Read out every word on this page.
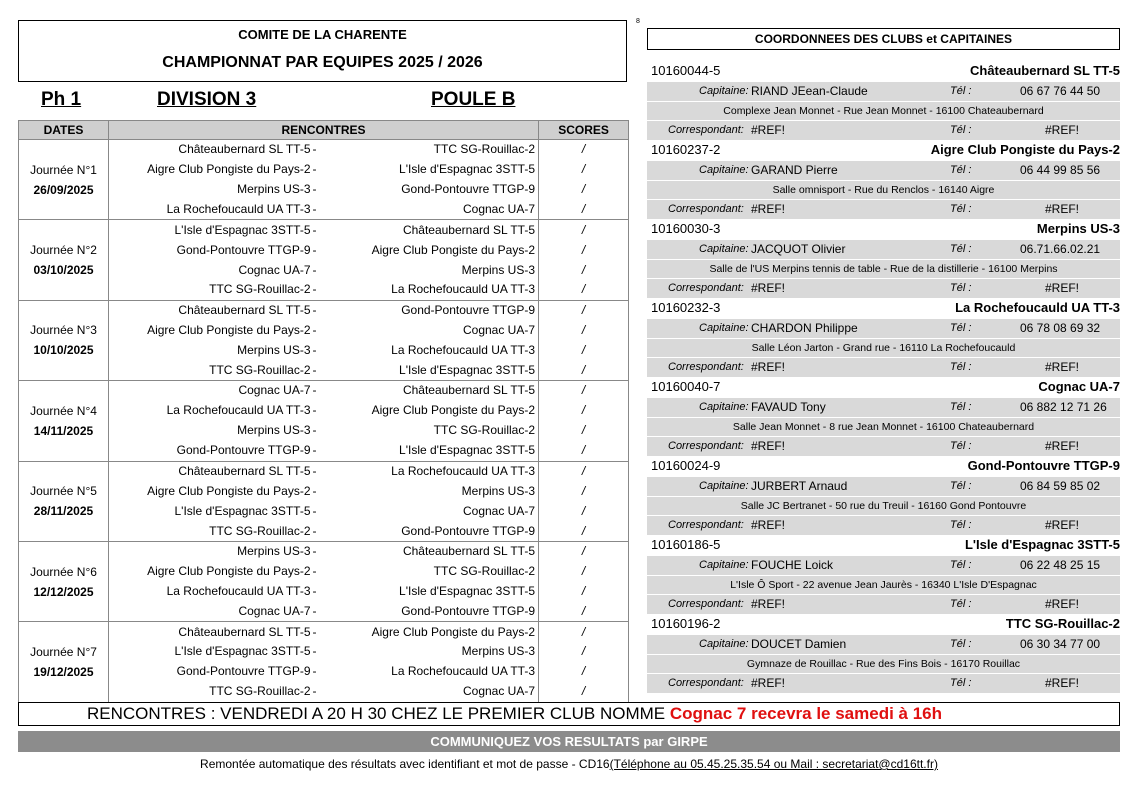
COMITE DE LA CHARENTE
CHAMPIONNAT PAR EQUIPES 2025 / 2026
Ph 1	DIVISION 3	POULE B
8
COORDONNEES DES CLUBS et CAPITAINES
DATES	RENCONTRES			SCORES
	Châteaubernard SL TT-5	-	TTC SG-Rouillac-2	/
Journée N°1	Aigre Club Pongiste du Pays-2	-	L'Isle d'Espagnac 3STT-5	/
26/09/2025	Merpins US-3	-	Gond-Pontouvre TTGP-9	/
	La Rochefoucauld UA TT-3	-	Cognac UA-7	/
	L'Isle d'Espagnac 3STT-5	-	Châteaubernard SL TT-5	/
Journée N°2	Gond-Pontouvre TTGP-9	-	Aigre Club Pongiste du Pays-2	/
03/10/2025	Cognac UA-7	-	Merpins US-3	/
	TTC SG-Rouillac-2	-	La Rochefoucauld UA TT-3	/
	Châteaubernard SL TT-5	-	Gond-Pontouvre TTGP-9	/
Journée N°3	Aigre Club Pongiste du Pays-2	-	Cognac UA-7	/
10/10/2025	Merpins US-3	-	La Rochefoucauld UA TT-3	/
	TTC SG-Rouillac-2	-	L'Isle d'Espagnac 3STT-5	/
	Cognac UA-7	-	Châteaubernard SL TT-5	/
Journée N°4	La Rochefoucauld UA TT-3	-	Aigre Club Pongiste du Pays-2	/
14/11/2025	Merpins US-3	-	TTC SG-Rouillac-2	/
	Gond-Pontouvre TTGP-9	-	L'Isle d'Espagnac 3STT-5	/
	Châteaubernard SL TT-5	-	La Rochefoucauld UA TT-3	/
Journée N°5	Aigre Club Pongiste du Pays-2	-	Merpins US-3	/
28/11/2025	L'Isle d'Espagnac 3STT-5	-	Cognac UA-7	/
	TTC SG-Rouillac-2	-	Gond-Pontouvre TTGP-9	/
	Merpins US-3	-	Châteaubernard SL TT-5	/
Journée N°6	Aigre Club Pongiste du Pays-2	-	TTC SG-Rouillac-2	/
12/12/2025	La Rochefoucauld UA TT-3	-	L'Isle d'Espagnac 3STT-5	/
	Cognac UA-7	-	Gond-Pontouvre TTGP-9	/
	Châteaubernard SL TT-5	-	Aigre Club Pongiste du Pays-2	/
Journée N°7	L'Isle d'Espagnac 3STT-5	-	Merpins US-3	/
19/12/2025	Gond-Pontouvre TTGP-9	-	La Rochefoucauld UA TT-3	/
	TTC SG-Rouillac-2	-	Cognac UA-7	/
10160044-5	Châteaubernard SL TT-5
Capitaine: RIAND JEean-Claude	Tél :	06 67 76 44 50
Complexe Jean Monnet - Rue Jean Monnet - 16100 Chateaubernard
Correspondant: #REF!	Tél :	#REF!
10160237-2	Aigre Club Pongiste du Pays-2
Capitaine: GARAND Pierre	Tél :	06 44 99 85 56
Salle omnisport - Rue du Renclos - 16140 Aigre
Correspondant: #REF!	Tél :	#REF!
10160030-3	Merpins US-3
Capitaine: JACQUOT Olivier	Tél :	06.71.66.02.21
Salle de l'US Merpins tennis de table - Rue de la distillerie - 16100 Merpins
Correspondant: #REF!	Tél :	#REF!
10160232-3	La Rochefoucauld UA TT-3
Capitaine: CHARDON Philippe	Tél :	06 78 08 69 32
Salle Léon Jarton - Grand rue - 16110 La Rochefoucauld
Correspondant: #REF!	Tél :	#REF!
10160040-7	Cognac UA-7
Capitaine: FAVAUD Tony	Tél :	06 882 12 71 26
Salle Jean Monnet - 8 rue Jean Monnet - 16100 Chateaubernard
Correspondant: #REF!	Tél :	#REF!
10160024-9	Gond-Pontouvre TTGP-9
Capitaine: JURBERT Arnaud	Tél :	06 84 59 85 02
Salle JC Bertranet - 50 rue du Treuil - 16160 Gond Pontouvre
Correspondant: #REF!	Tél :	#REF!
10160186-5	L'Isle d'Espagnac 3STT-5
Capitaine: FOUCHE Loick	Tél :	06 22 48 25 15
L'Isle Ô Sport - 22 avenue Jean Jaurès - 16340 L'Isle D'Espagnac
Correspondant: #REF!	Tél :	#REF!
10160196-2	TTC SG-Rouillac-2
Capitaine: DOUCET Damien	Tél :	06 30 34 77 00
Gymnaze de Rouillac - Rue des Fins Bois - 16170 Rouillac
Correspondant: #REF!	Tél :	#REF!
RENCONTRES : VENDREDI A 20 H 30 CHEZ LE PREMIER CLUB NOMME Cognac 7 recevra le samedi à 16h
COMMUNIQUEZ VOS RESULTATS par GIRPE
Remontée automatique des résultats avec identifiant et mot de passe - CD16(Téléphone au 05.45.25.35.54 ou Mail : secretariat@cd16tt.fr)
